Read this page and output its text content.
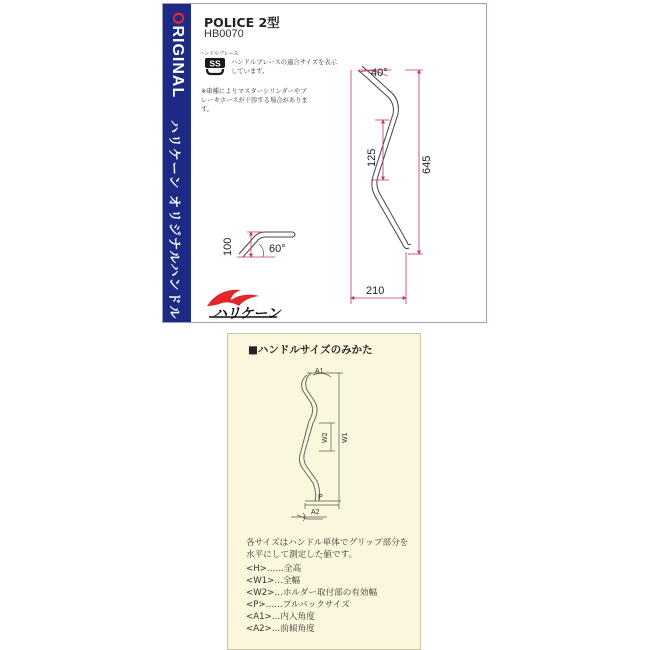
ORIGINAL
ハリケーン オリジナルハンドル
POLICE 2型
HB0070
ハンドルブレース
SS ハンドルブレースの適合サイズを表示しています。
※車種によりマスターシリンダーやブレーキホースが干渉する場合があります。
40°
645
125
210
100	60°
ハリケーン
■ハンドルサイズのみかた
A1
W1
W2
P
A2
各サイズはハンドル単体でグリップ部分を水平にして測定した値です。
<H>……全高
<W1>…全幅
<W2>…ホルダー取付部の有効幅
<P>……プルバックサイズ
<A1>…内入角度
<A2>…前傾角度
